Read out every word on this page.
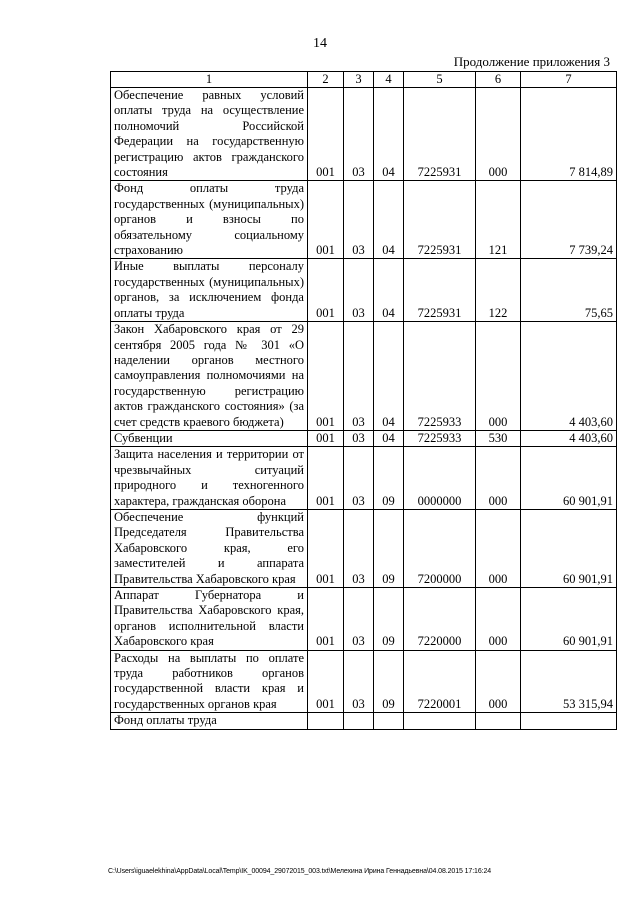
14
Продолжение приложения 3
1	2	3	4	5	6	7
Обеспечение равных условий оплаты труда на осуществление полномочий Российской Федерации на государственную регистрацию актов гражданского состояния	001	03	04	7225931	000	7 814,89
Фонд оплаты труда государственных (муниципальных) органов и взносы по обязательному социальному страхованию	001	03	04	7225931	121	7 739,24
Иные выплаты персоналу государственных (муниципальных) органов, за исключением фонда оплаты труда	001	03	04	7225931	122	75,65
Закон Хабаровского края от 29 сентября 2005 года № 301 «О наделении органов местного самоуправления полномочиями на государственную регистрацию актов гражданского состояния» (за счет средств краевого бюджета)	001	03	04	7225933	000	4 403,60
Субвенции	001	03	04	7225933	530	4 403,60
Защита населения и территории от чрезвычайных ситуаций природного и техногенного характера, гражданская оборона	001	03	09	0000000	000	60 901,91
Обеспечение функций Председателя Правительства Хабаровского края, его заместителей и аппарата Правительства Хабаровского края	001	03	09	7200000	000	60 901,91
Аппарат Губернатора и Правительства Хабаровского края, органов исполнительной власти Хабаровского края	001	03	09	7220000	000	60 901,91
Расходы на выплаты по оплате труда работников органов государственной власти края и государственных органов края	001	03	09	7220001	000	53 315,94
Фонд оплаты труда						
C:\Users\iguaelekhina\AppData\Local\Temp\IK_00094_29072015_003.txt\Мелехина Ирина Геннадьевна\04.08.2015 17:16:24
